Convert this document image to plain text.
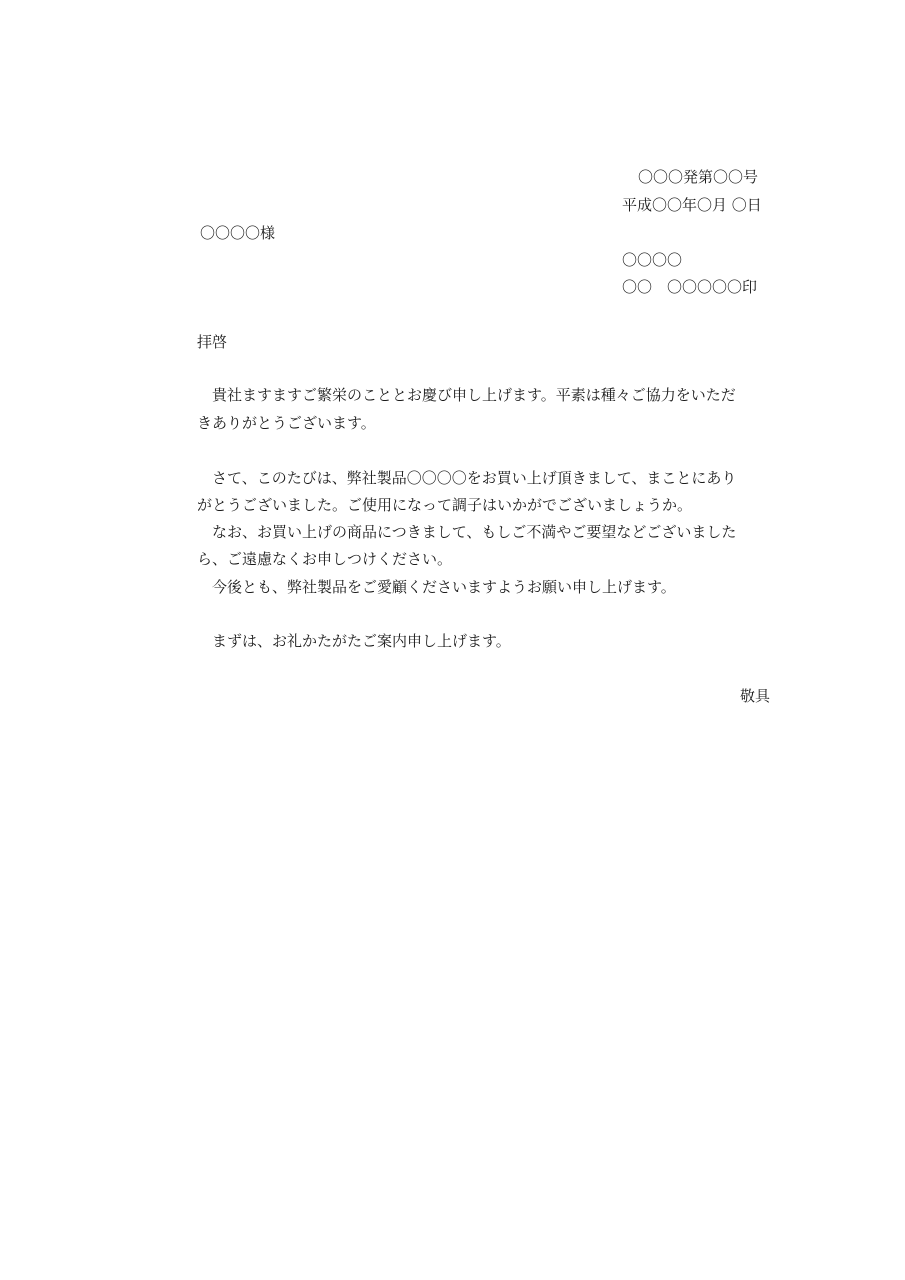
〇〇〇発第〇〇号
平成〇〇年〇月 〇日
〇〇〇〇様
〇〇〇〇
〇〇　〇〇〇〇〇印
拝啓
　貴社ますますご繁栄のこととお慶び申し上げます。平素は種々ご協力をいただ
きありがとうございます。
　さて、このたびは、弊社製品〇〇〇〇をお買い上げ頂きまして、まことにあり
がとうございました。ご使用になって調子はいかがでございましょうか。
　なお、お買い上げの商品につきまして、もしご不満やご要望などございました
ら、ご遠慮なくお申しつけください。
　今後とも、弊社製品をご愛顧くださいますようお願い申し上げます。
　まずは、お礼かたがたご案内申し上げます。
敬具
